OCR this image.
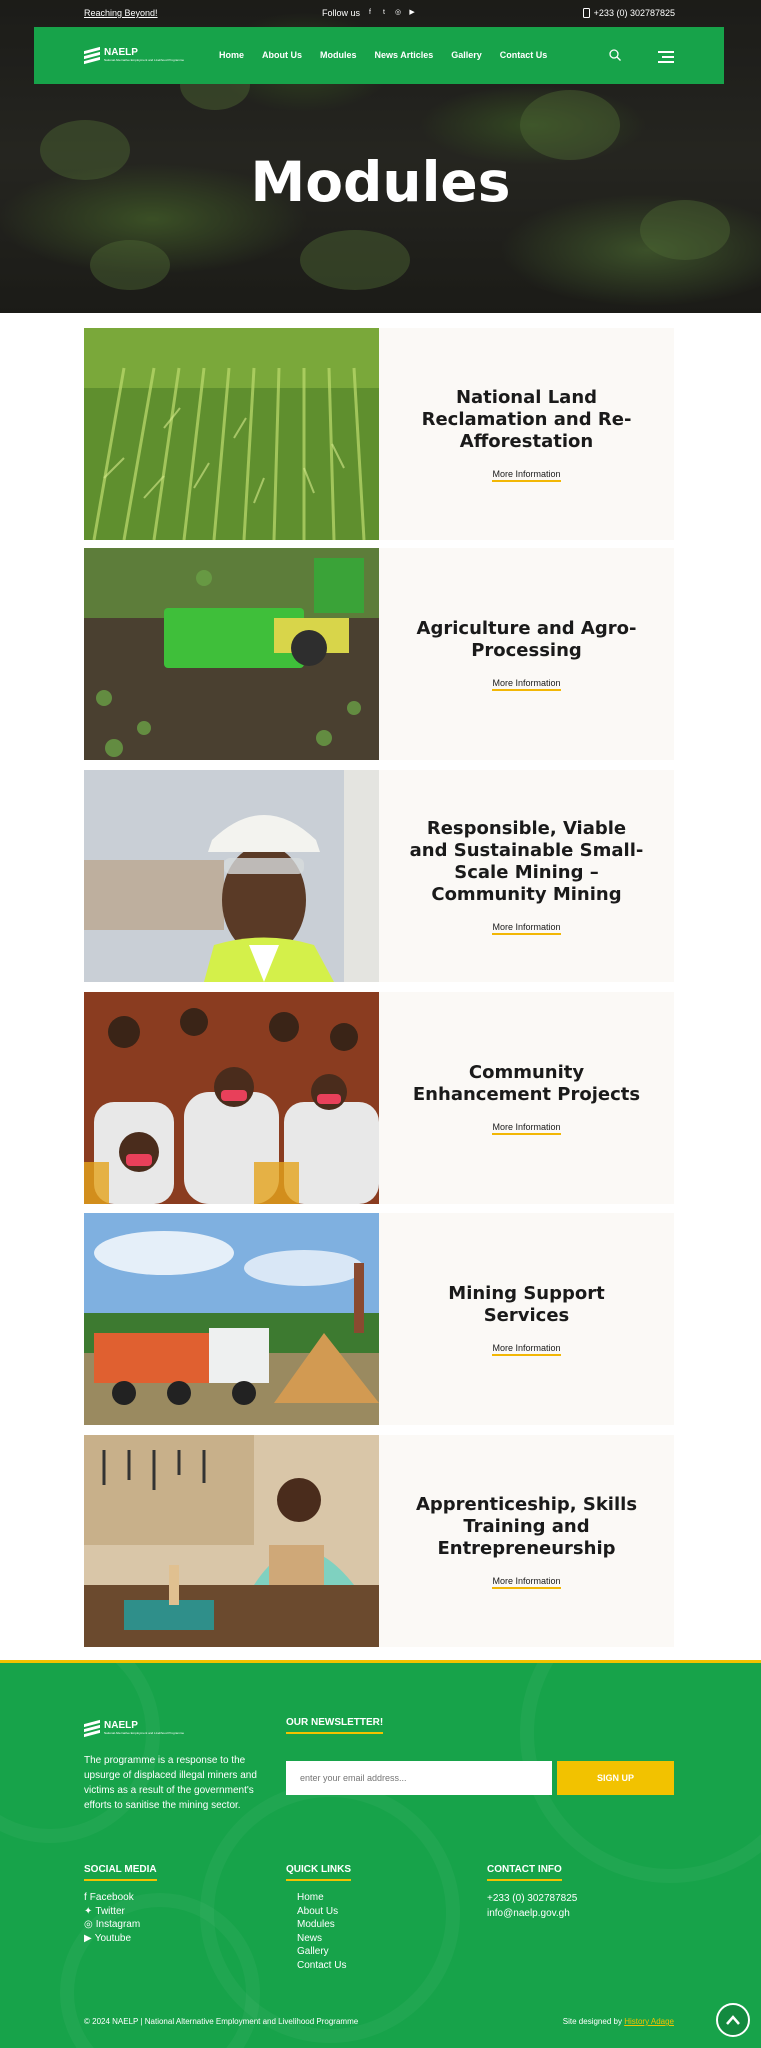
Reaching Beyond!	Follow us	f	t	◎ ▶	+233 (0) 302787825
NAELP
National Alternative Employment and Livelihood Programme	Home About Us Modules News Articles Gallery Contact Us
Modules
National Land Reclamation and Re-Afforestation
More Information
Agriculture and Agro-Processing
More Information
Responsible, Viable and Sustainable Small-Scale Mining – Community Mining
More Information
Community Enhancement Projects
More Information
Mining Support Services
More Information
Apprenticeship, Skills Training and Entrepreneurship
More Information
NAELP
National Alternative Employment and Livelihood Programme

The programme is a response to the upsurge of displaced illegal miners and victims as a result of the government's efforts to sanitise the mining sector.

OUR NEWSLETTER!
enter your email address...
SIGN UP
SOCIAL MEDIA
f Facebook
✦ Twitter
◎ Instagram
▶ Youtube
QUICK LINKS
Home
About Us
Modules
News
Gallery
Contact Us
CONTACT INFO
+233 (0) 302787825
info@naelp.gov.gh
© 2024 NAELP | National Alternative Employment and Livelihood Programme	Site designed by History Adage
